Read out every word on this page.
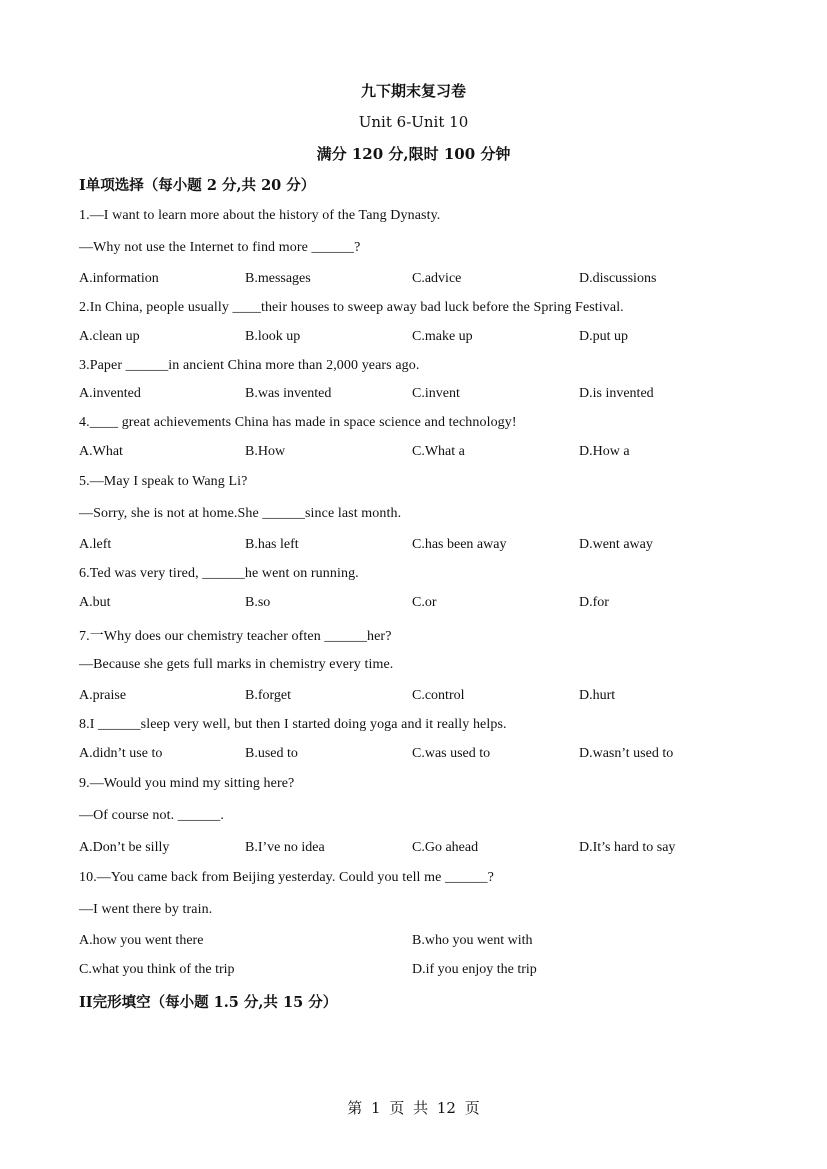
九下期末复习卷
Unit 6-Unit 10
满分 120 分,限时 100 分钟
I单项选择（每小题 2 分,共 20 分）
1.—I want to learn more about the history of the Tang Dynasty.
—Why not use the Internet to find more ______?
A.information	B.messages	C.advice	D.discussions
2.In China, people usually ____their houses to sweep away bad luck before the Spring Festival.
A.clean up	B.look up	C.make up	D.put up
3.Paper ______in ancient China more than 2,000 years ago.
A.invented	B.was invented	C.invent	D.is invented
4.____ great achievements China has made in space science and technology!
A.What	B.How	C.What a	D.How a
5.—May I speak to Wang Li?
—Sorry, she is not at home.She ______since last month.
A.left	B.has left	C.has been away	D.went away
6.Ted was very tired, ______he went on running.
A.but	B.so	C.or	D.for
7.一Why does our chemistry teacher often ______her?
—Because she gets full marks in chemistry every time.
A.praise	B.forget	C.control	D.hurt
8.I ______sleep very well, but then I started doing yoga and it really helps.
A.didn’t use to	B.used to	C.was used to	D.wasn’t used to
9.—Would you mind my sitting here?
—Of course not. ______.
A.Don’t be silly	B.I’ve no idea	C.Go ahead	D.It’s hard to say
10.—You came back from Beijing yesterday. Could you tell me ______?
—I went there by train.
A.how you went there	B.who you went with
C.what you think of the trip	D.if you enjoy the trip
II完形填空（每小题 1.5 分,共 15 分）
第 1 页 共 12 页
